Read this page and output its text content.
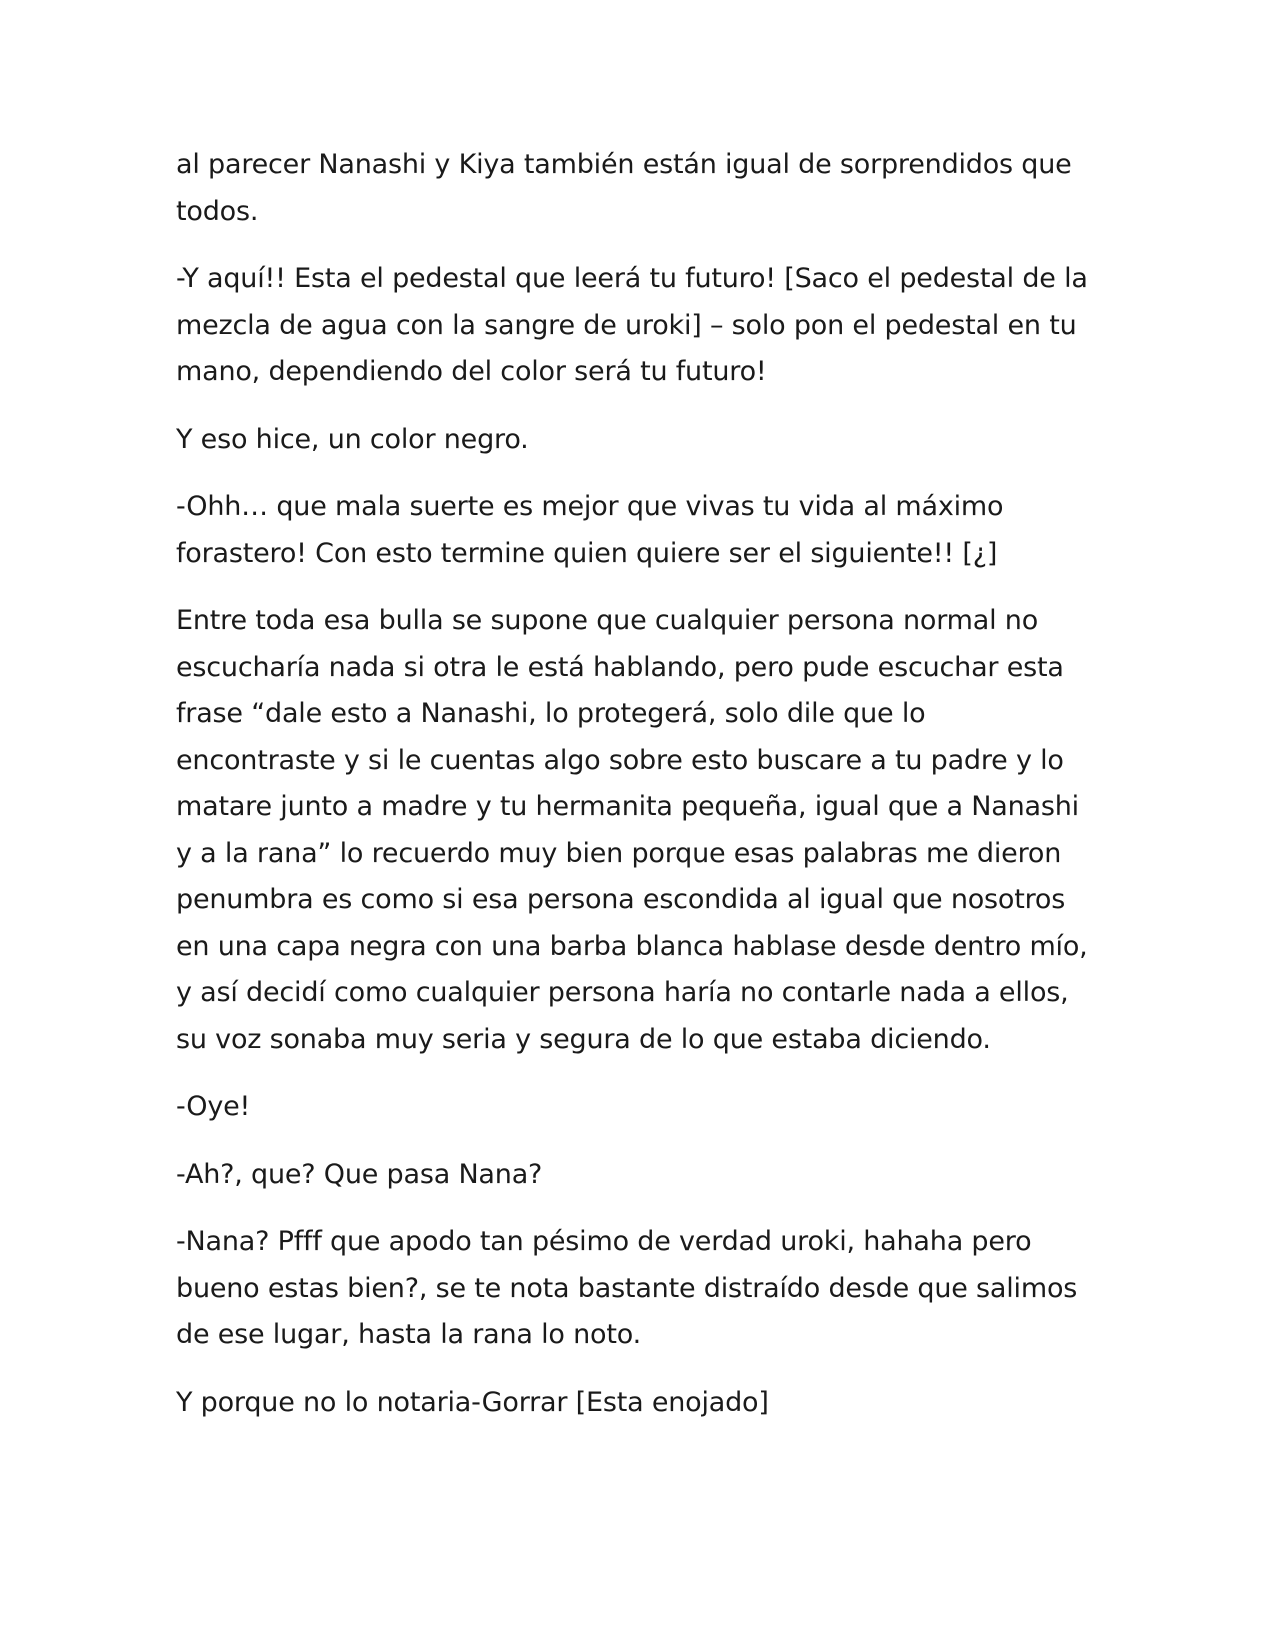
al parecer Nanashi y Kiya también están igual de sorprendidos que
todos.

-Y aquí!! Esta el pedestal que leerá tu futuro! [Saco el pedestal de la
mezcla de agua con la sangre de uroki] – solo pon el pedestal en tu
mano, dependiendo del color será tu futuro!

Y eso hice, un color negro.

-Ohh… que mala suerte es mejor que vivas tu vida al máximo
forastero! Con esto termine quien quiere ser el siguiente!! [¿]

Entre toda esa bulla se supone que cualquier persona normal no
escucharía nada si otra le está hablando, pero pude escuchar esta
frase “dale esto a Nanashi, lo protegerá, solo dile que lo
encontraste y si le cuentas algo sobre esto buscare a tu padre y lo
matare junto a madre y tu hermanita pequeña, igual que a Nanashi
y a la rana” lo recuerdo muy bien porque esas palabras me dieron
penumbra es como si esa persona escondida al igual que nosotros
en una capa negra con una barba blanca hablase desde dentro mío,
y así decidí como cualquier persona haría no contarle nada a ellos,
su voz sonaba muy seria y segura de lo que estaba diciendo.

-Oye!

-Ah?, que? Que pasa Nana?

-Nana? Pfff que apodo tan pésimo de verdad uroki, hahaha pero
bueno estas bien?, se te nota bastante distraído desde que salimos
de ese lugar, hasta la rana lo noto.

Y porque no lo notaria-Gorrar [Esta enojado]
